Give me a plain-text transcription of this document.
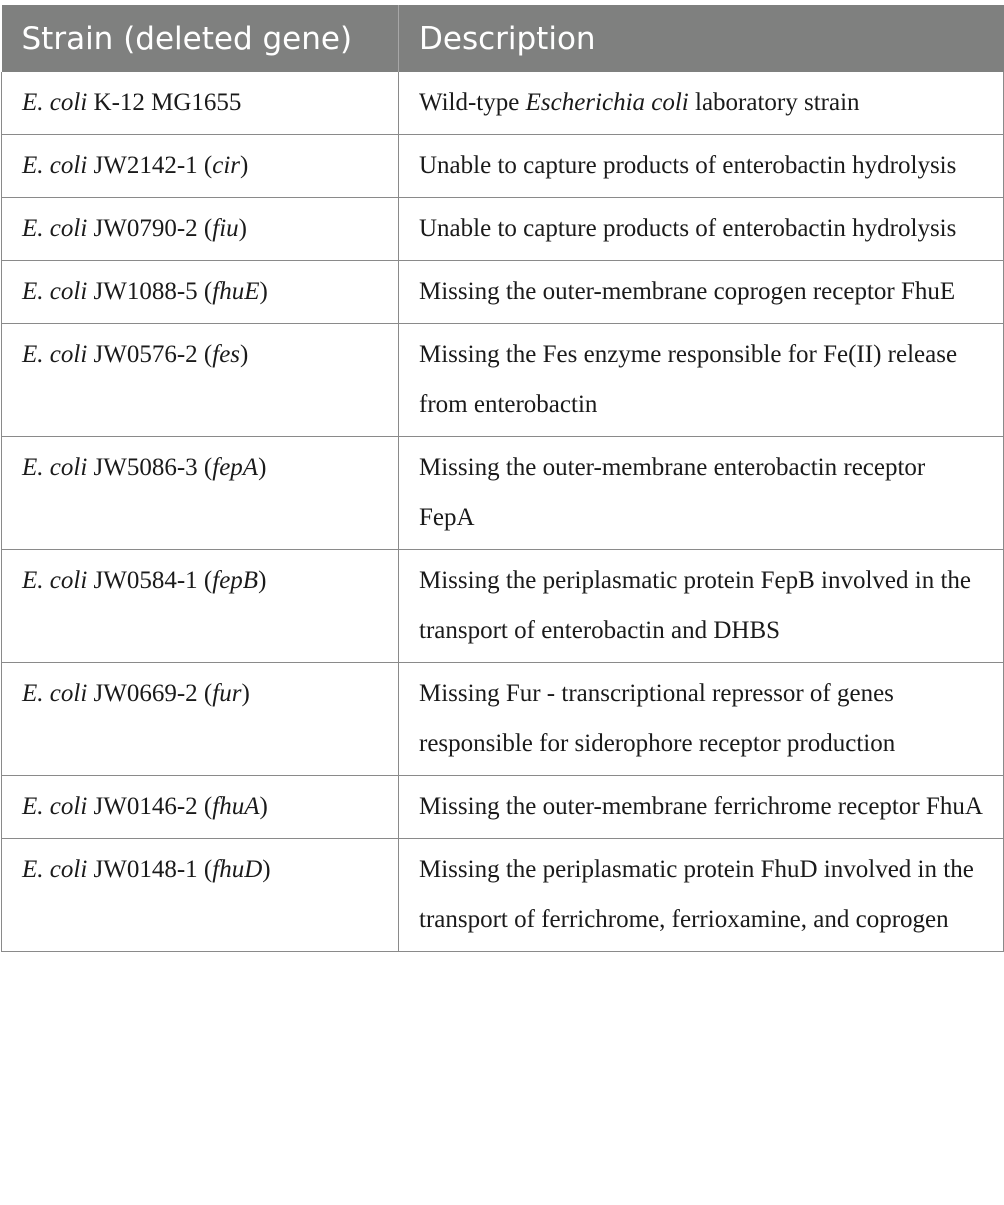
Strain (deleted gene)	Description
E. coli K-12 MG1655	Wild-type Escherichia coli laboratory strain
E. coli JW2142-1 (cir)	Unable to capture products of enterobactin hydrolysis
E. coli JW0790-2 (fiu)	Unable to capture products of enterobactin hydrolysis
E. coli JW1088-5 (fhuE)	Missing the outer-membrane coprogen receptor FhuE
E. coli JW0576-2 (fes)	Missing the Fes enzyme responsible for Fe(II) release from enterobactin
E. coli JW5086-3 (fepA)	Missing the outer-membrane enterobactin receptor FepA
E. coli JW0584-1 (fepB)	Missing the periplasmatic protein FepB involved in the transport of enterobactin and DHBS
E. coli JW0669-2 (fur)	Missing Fur - transcriptional repressor of genes responsible for siderophore receptor production
E. coli JW0146-2 (fhuA)	Missing the outer-membrane ferrichrome receptor FhuA
E. coli JW0148-1 (fhuD)	Missing the periplasmatic protein FhuD involved in the transport of ferrichrome, ferrioxamine, and coprogen
